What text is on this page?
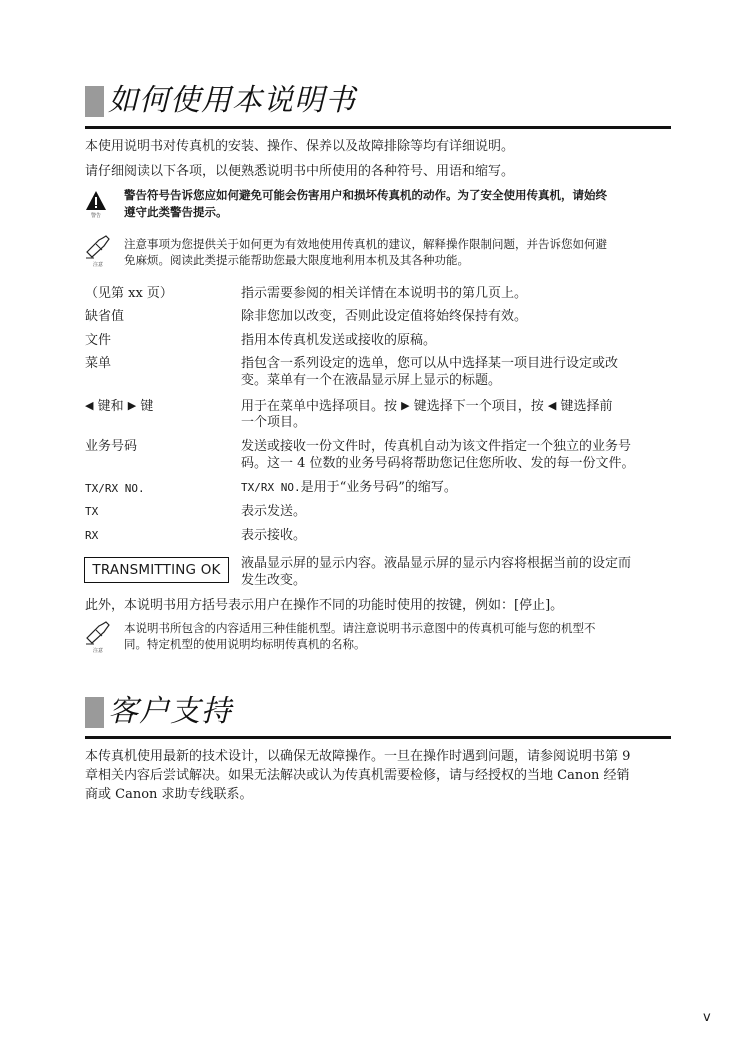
如何使用本说明书
本使用说明书对传真机的安装、操作、保养以及故障排除等均有详细说明。
请仔细阅读以下各项，以便熟悉说明书中所使用的各种符号、用语和缩写。
警告
警告符号告诉您应如何避免可能会伤害用户和损坏传真机的动作。为了安全使用传真机，请始终
遵守此类警告提示。
注意
注意事项为您提供关于如何更为有效地使用传真机的建议，解释操作限制问题，并告诉您如何避
免麻烦。阅读此类提示能帮助您最大限度地利用本机及其各种功能。
（见第 xx 页）	指示需要参阅的相关详情在本说明书的第几页上。
缺省值	除非您加以改变，否则此设定值将始终保持有效。
文件	指用本传真机发送或接收的原稿。
菜单	指包含一系列设定的选单，您可以从中选择某一项目进行设定或改
变。菜单有一个在液晶显示屏上显示的标题。
◀ 键和 ▶ 键	用于在菜单中选择项目。按 ▶ 键选择下一个项目，按 ◀ 键选择前
一个项目。
业务号码	发送或接收一份文件时，传真机自动为该文件指定一个独立的业务号
码。这一 4 位数的业务号码将帮助您记住您所收、发的每一份文件。
TX/RX NO.	TX/RX NO.是用于“业务号码”的缩写。
TX	表示发送。
RX	表示接收。
TRANSMITTING OK	液晶显示屏的显示内容。液晶显示屏的显示内容将根据当前的设定而
发生改变。
此外，本说明书用方括号表示用户在操作不同的功能时使用的按键，例如：[停止]。
注意
本说明书所包含的内容适用三种佳能机型。请注意说明书示意图中的传真机可能与您的机型不
同。特定机型的使用说明均标明传真机的名称。
客户支持
本传真机使用最新的技术设计，以确保无故障操作。一旦在操作时遇到问题，请参阅说明书第 9
章相关内容后尝试解决。如果无法解决或认为传真机需要检修，请与经授权的当地 Canon 经销
商或 Canon 求助专线联系。
v
